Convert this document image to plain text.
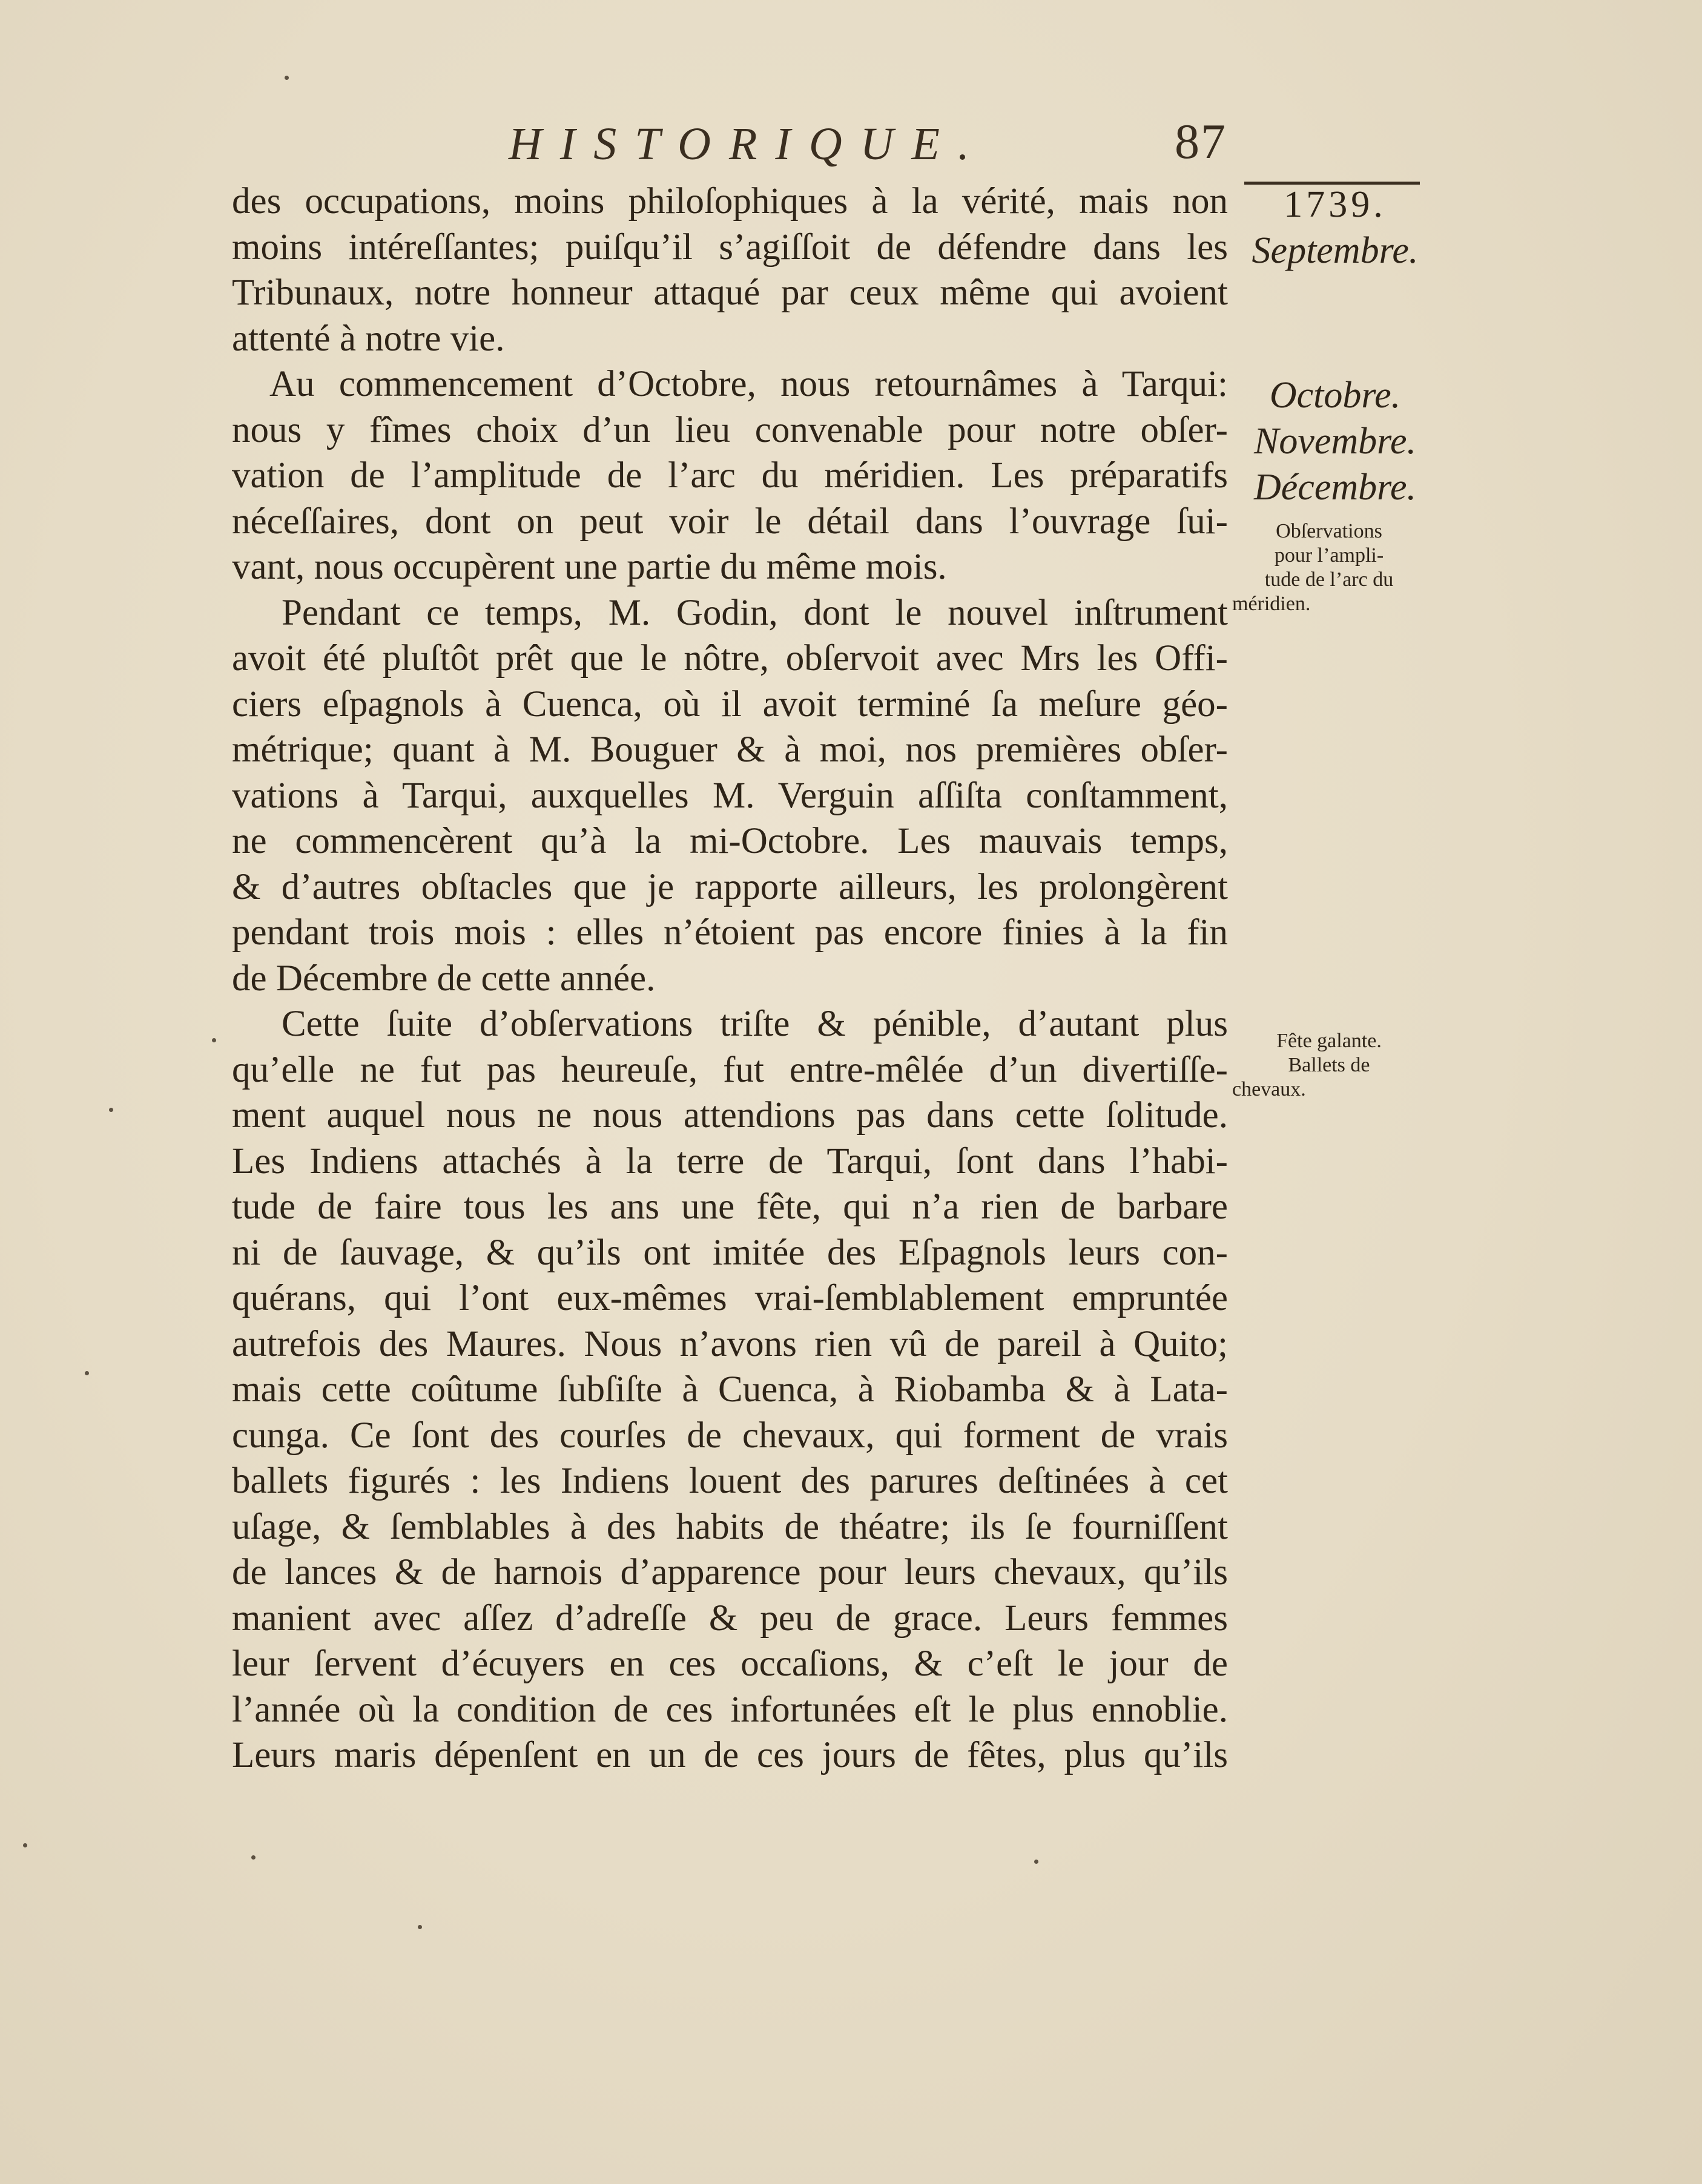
HISTORIQUE.	87
1739.
Septembre.
Octobre.
Novembre.
Décembre.
Obſervations
pour l’ampli-
tude de l’arc du
méridien.
Fête galante.
Ballets de
chevaux.
des occupations, moins philoſophiques à la vérité, mais non
moins intéreſſantes; puiſqu’il s’agiſſoit de défendre dans les
Tribunaux, notre honneur attaqué par ceux même qui avoient
attenté à notre vie.
Au commencement d’Octobre, nous retournâmes à Tarqui:
nous y fîmes choix d’un lieu convenable pour notre obſer-
vation de l’amplitude de l’arc du méridien. Les préparatifs
néceſſaires, dont on peut voir le détail dans l’ouvrage ſui-
vant, nous occupèrent une partie du même mois.
Pendant ce temps, M. Godin, dont le nouvel inſtrument
avoit été pluſtôt prêt que le nôtre, obſervoit avec Mrs les Offi-
ciers eſpagnols à Cuenca, où il avoit terminé ſa meſure géo-
métrique; quant à M. Bouguer & à moi, nos premières obſer-
vations à Tarqui, auxquelles M. Verguin aſſiſta conſtamment,
ne commencèrent qu’à la mi-Octobre. Les mauvais temps,
& d’autres obſtacles que je rapporte ailleurs, les prolongèrent
pendant trois mois : elles n’étoient pas encore finies à la fin
de Décembre de cette année.
Cette ſuite d’obſervations triſte & pénible, d’autant plus
qu’elle ne fut pas heureuſe, fut entre-mêlée d’un divertiſſe-
ment auquel nous ne nous attendions pas dans cette ſolitude.
Les Indiens attachés à la terre de Tarqui, ſont dans l’habi-
tude de faire tous les ans une fête, qui n’a rien de barbare
ni de ſauvage, & qu’ils ont imitée des Eſpagnols leurs con-
quérans, qui l’ont eux-mêmes vrai-ſemblablement empruntée
autrefois des Maures. Nous n’avons rien vû de pareil à Quito;
mais cette coûtume ſubſiſte à Cuenca, à Riobamba & à Lata-
cunga. Ce ſont des courſes de chevaux, qui forment de vrais
ballets figurés : les Indiens louent des parures deſtinées à cet
uſage, & ſemblables à des habits de théatre; ils ſe fourniſſent
de lances & de harnois d’apparence pour leurs chevaux, qu’ils
manient avec aſſez d’adreſſe & peu de grace. Leurs femmes
leur ſervent d’écuyers en ces occaſions, & c’eſt le jour de
l’année où la condition de ces infortunées eſt le plus ennoblie.
Leurs maris dépenſent en un de ces jours de fêtes, plus qu’ils
